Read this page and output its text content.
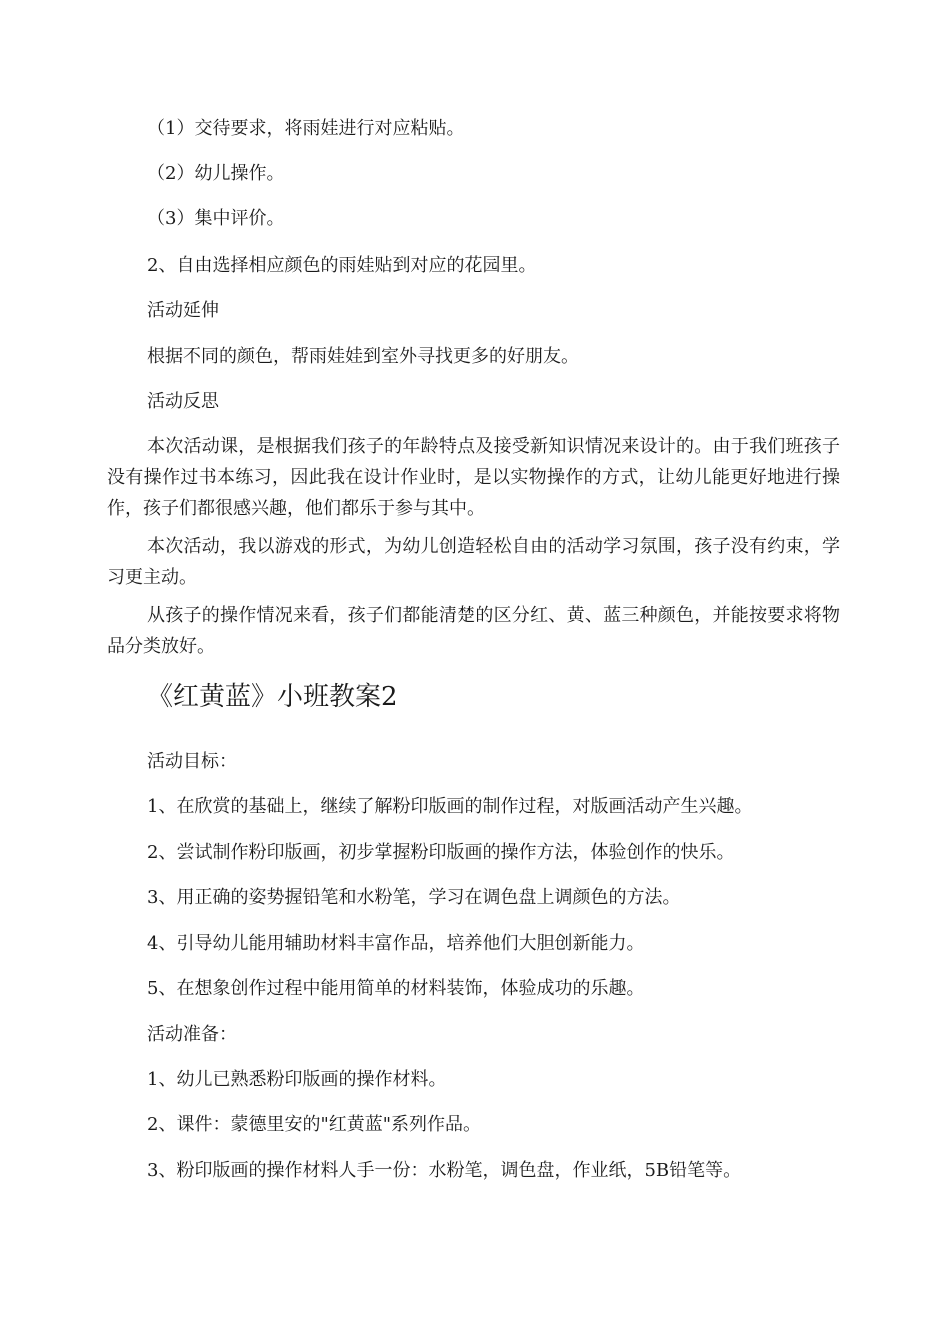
（1）交待要求，将雨娃进行对应粘贴。
（2）幼儿操作。
（3）集中评价。
2、自由选择相应颜色的雨娃贴到对应的花园里。
活动延伸
根据不同的颜色，帮雨娃娃到室外寻找更多的好朋友。
活动反思
本次活动课，是根据我们孩子的年龄特点及接受新知识情况来设计的。由于我们班孩子没有操作过书本练习，因此我在设计作业时，是以实物操作的方式，让幼儿能更好地进行操作，孩子们都很感兴趣，他们都乐于参与其中。
本次活动，我以游戏的形式，为幼儿创造轻松自由的活动学习氛围，孩子没有约束，学习更主动。
从孩子的操作情况来看，孩子们都能清楚的区分红、黄、蓝三种颜色，并能按要求将物品分类放好。
《红黄蓝》小班教案2
活动目标：
1、在欣赏的基础上，继续了解粉印版画的制作过程，对版画活动产生兴趣。
2、尝试制作粉印版画，初步掌握粉印版画的操作方法，体验创作的快乐。
3、用正确的姿势握铅笔和水粉笔，学习在调色盘上调颜色的方法。
4、引导幼儿能用辅助材料丰富作品，培养他们大胆创新能力。
5、在想象创作过程中能用简单的材料装饰，体验成功的乐趣。
活动准备：
1、幼儿已熟悉粉印版画的操作材料。
2、课件：蒙德里安的"红黄蓝"系列作品。
3、粉印版画的操作材料人手一份：水粉笔，调色盘，作业纸，5B铅笔等。
